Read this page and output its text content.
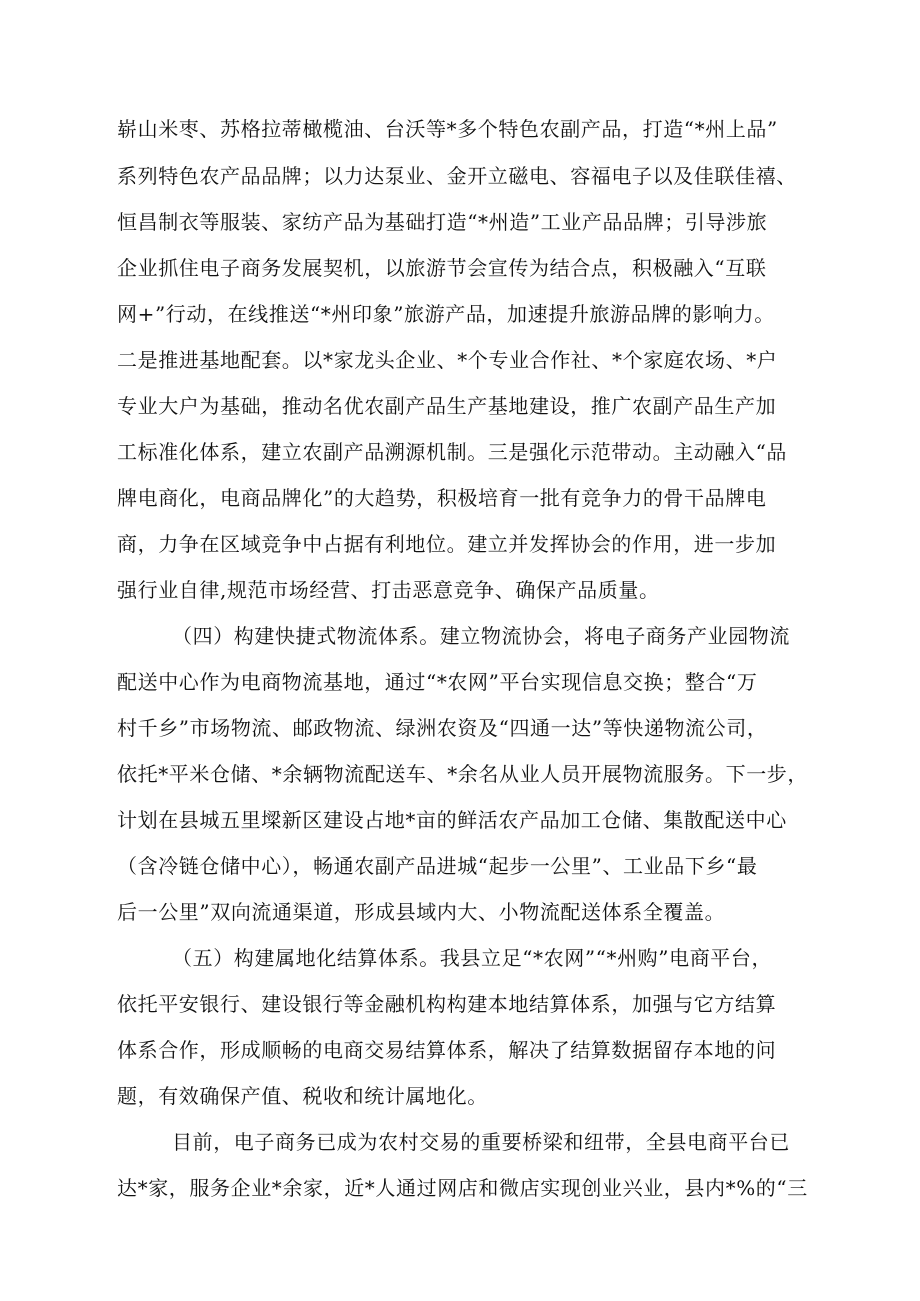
崭山米枣、苏格拉蒂橄榄油、台沃等*多个特色农副产品，打造“*州上品”
系列特色农产品品牌；以力达泵业、金开立磁电、容福电子以及佳联佳禧、
恒昌制衣等服装、家纺产品为基础打造“*州造”工业产品品牌；引导涉旅
企业抓住电子商务发展契机，以旅游节会宣传为结合点，积极融入“互联
网+”行动，在线推送“*州印象”旅游产品，加速提升旅游品牌的影响力。
二是推进基地配套。以*家龙头企业、*个专业合作社、*个家庭农场、*户
专业大户为基础，推动名优农副产品生产基地建设，推广农副产品生产加
工标准化体系，建立农副产品溯源机制。三是强化示范带动。主动融入“品
牌电商化，电商品牌化”的大趋势，积极培育一批有竞争力的骨干品牌电
商，力争在区域竞争中占据有利地位。建立并发挥协会的作用，进一步加
强行业自律,规范市场经营、打击恶意竞争、确保产品质量。
（四）构建快捷式物流体系。建立物流协会，将电子商务产业园物流
配送中心作为电商物流基地，通过“*农网”平台实现信息交换；整合“万
村千乡”市场物流、邮政物流、绿洲农资及“四通一达”等快递物流公司，
依托*平米仓储、*余辆物流配送车、*余名从业人员开展物流服务。下一步，
计划在县城五里墚新区建设占地*亩的鲜活农产品加工仓储、集散配送中心
（含冷链仓储中心），畅通农副产品进城“起步一公里”、工业品下乡“最
后一公里”双向流通渠道，形成县域内大、小物流配送体系全覆盖。
（五）构建属地化结算体系。我县立足“*农网”“*州购”电商平台，
依托平安银行、建设银行等金融机构构建本地结算体系，加强与它方结算
体系合作，形成顺畅的电商交易结算体系，解决了结算数据留存本地的问
题，有效确保产值、税收和统计属地化。
目前，电子商务已成为农村交易的重要桥梁和纽带，全县电商平台已
达*家，服务企业*余家，近*人通过网店和微店实现创业兴业，县内*%的“三
